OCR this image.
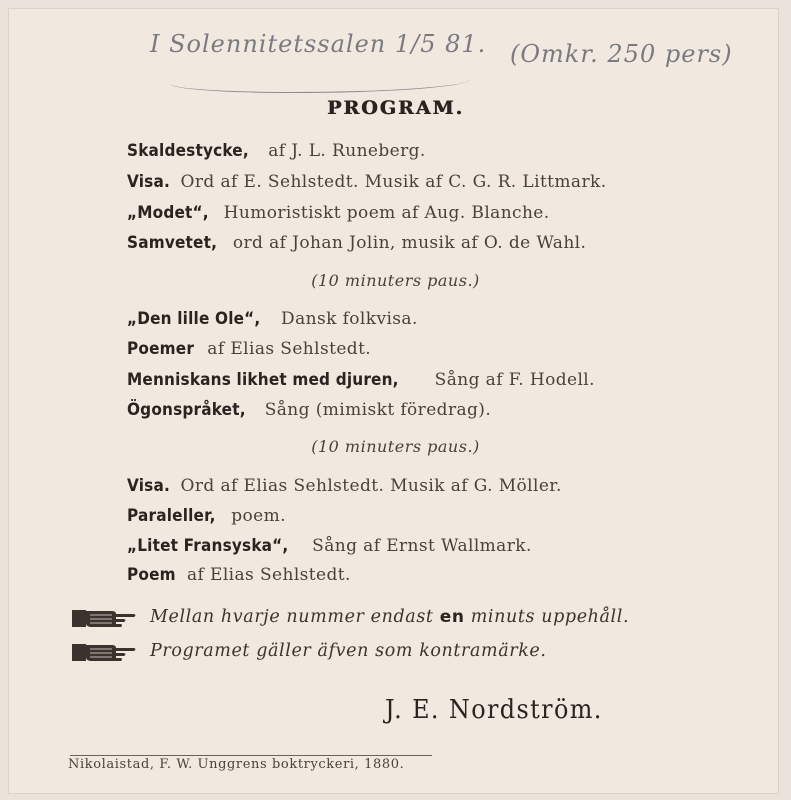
I Solennitetssalen 1/5 81. (Omkr. 250 pers)
PROGRAM.
Skaldestycke, af J. L. Runeberg.
Visa. Ord af E. Sehlstedt. Musik af C. G. R. Littmark.
„Modet“, Humoristiskt poem af Aug. Blanche.
Samvetet, ord af Johan Jolin, musik af O. de Wahl.
(10 minuters paus.)
„Den lille Ole“, Dansk folkvisa.
Poemer af Elias Sehlstedt.
Menniskans likhet med djuren, Sång af F. Hodell.
Ögonspråket, Sång (mimiskt föredrag).
(10 minuters paus.)
Visa. Ord af Elias Sehlstedt. Musik af G. Möller.
Paraleller, poem.
„Litet Fransyska“, Sång af Ernst Wallmark.
Poem af Elias Sehlstedt.
Mellan hvarje nummer endast en minuts uppehåll.
Programet gäller äfven som kontramärke.
J. E. Nordström.
Nikolaistad, F. W. Unggrens boktryckeri, 1880.
